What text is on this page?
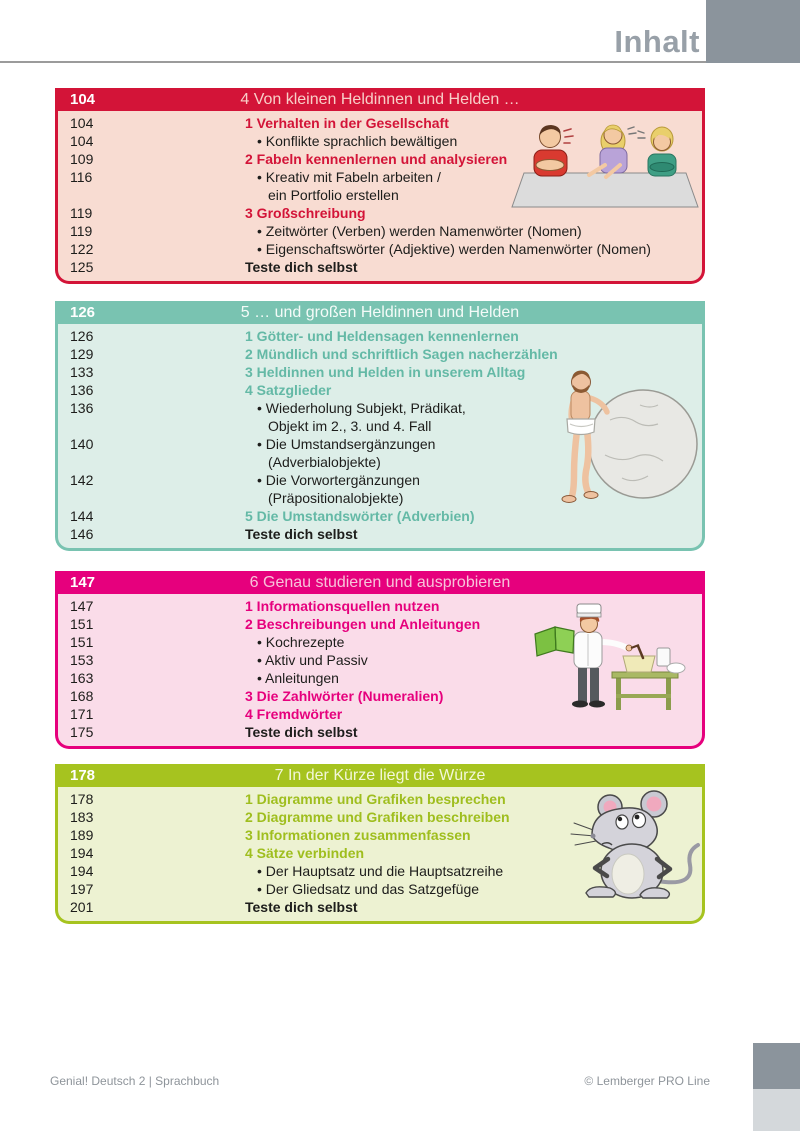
Inhalt
104	4 Von kleinen Heldinnen und Helden …
104	1 Verhalten in der Gesellschaft
104	• Konflikte sprachlich bewältigen
109	2 Fabeln kennenlernen und analysieren
116	• Kreativ mit Fabeln arbeiten /
ein Portfolio erstellen
119	3 Großschreibung
119	• Zeitwörter (Verben) werden Namenwörter (Nomen)
122	• Eigenschaftswörter (Adjektive) werden Namenwörter (Nomen)
125	Teste dich selbst
126	5 … und großen Heldinnen und Helden
126	1 Götter- und Heldensagen kennenlernen
129	2 Mündlich und schriftlich Sagen nacherzählen
133	3 Heldinnen und Helden in unserem Alltag
136	4 Satzglieder
136	• Wiederholung Subjekt, Prädikat,
Objekt im 2., 3. und 4. Fall
140	• Die Umstandsergänzungen
(Adverbialobjekte)
142	• Die Vorwortergänzungen
(Präpositionalobjekte)
144	5 Die Umstandswörter (Adverbien)
146	Teste dich selbst
147	6 Genau studieren und ausprobieren
147	1 Informationsquellen nutzen
151	2 Beschreibungen und Anleitungen
151	• Kochrezepte
153	• Aktiv und Passiv
163	• Anleitungen
168	3 Die Zahlwörter (Numeralien)
171	4 Fremdwörter
175	Teste dich selbst
178	7 In der Kürze liegt die Würze
178	1 Diagramme und Grafiken besprechen
183	2 Diagramme und Grafiken beschreiben
189	3 Informationen zusammenfassen
194	4 Sätze verbinden
194	• Der Hauptsatz und die Hauptsatzreihe
197	• Der Gliedsatz und das Satzgefüge
201	Teste dich selbst
Genial! Deutsch 2 | Sprachbuch	© Lemberger PRO Line
